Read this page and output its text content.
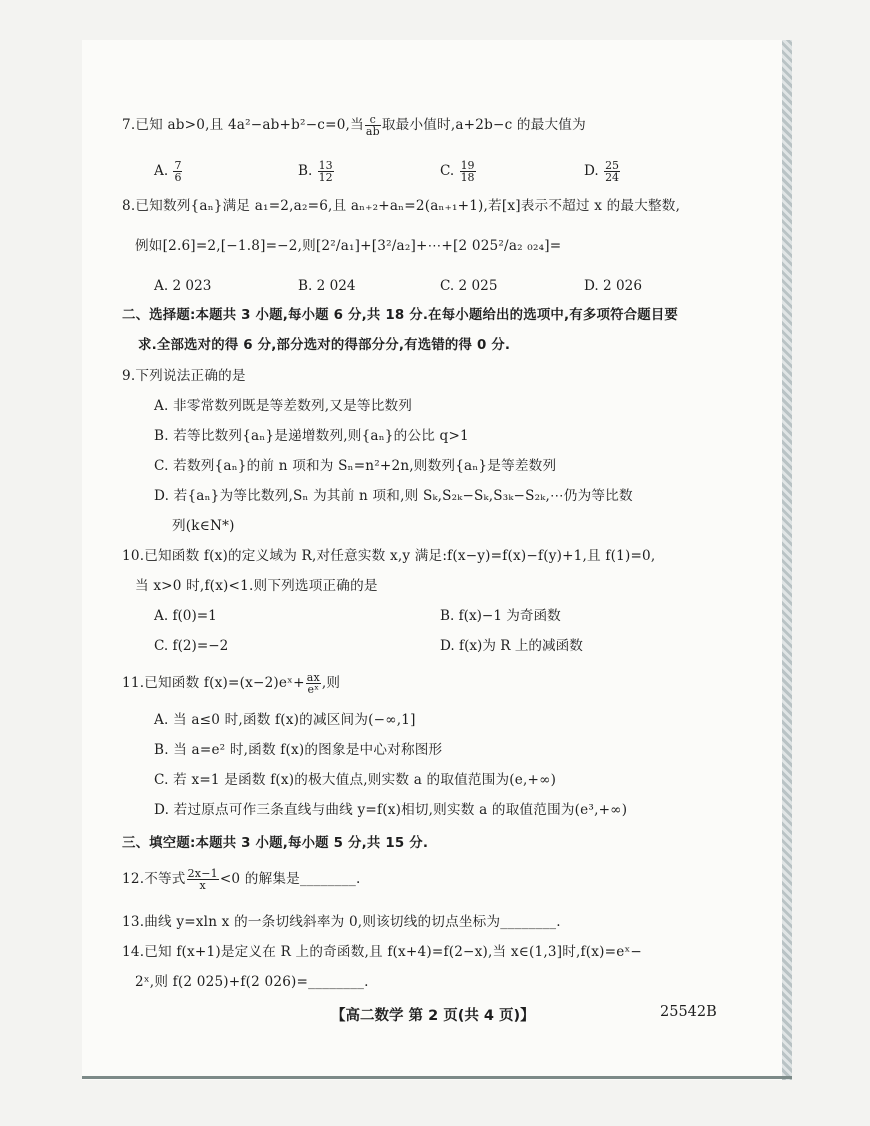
7.已知 ab>0,且 4a²−ab+b²−c=0,当 $\frac{c}{ab}$ 取最小值时,a+2b−c 的最大值为
A. $\frac{7}{6}$	B. $\frac{13}{12}$	C. $\frac{19}{18}$	D. $\frac{25}{24}$
8.已知数列{aₙ}满足 a₁=2,a₂=6,且 aₙ₊₂+aₙ=2(aₙ₊₁+1),若[x]表示不超过 x 的最大整数,
例如[2.6]=2,[−1.8]=−2,则[2²/a₁]+[3²/a₂]+⋯+[2 025²/a₂ ₀₂₄]=
A. 2 023	B. 2 024	C. 2 025	D. 2 026
二、选择题:本题共 3 小题,每小题 6 分,共 18 分.在每小题给出的选项中,有多项符合题目要
求.全部选对的得 6 分,部分选对的得部分分,有选错的得 0 分.
9.下列说法正确的是
A. 非零常数列既是等差数列,又是等比数列
B. 若等比数列{aₙ}是递增数列,则{aₙ}的公比 q>1
C. 若数列{aₙ}的前 n 项和为 Sₙ=n²+2n,则数列{aₙ}是等差数列
D. 若{aₙ}为等比数列,Sₙ 为其前 n 项和,则 Sₖ,S₂ₖ−Sₖ,S₃ₖ−S₂ₖ,⋯仍为等比数
列(k∈N*)
10.已知函数 f(x)的定义域为 R,对任意实数 x,y 满足:f(x−y)=f(x)−f(y)+1,且 f(1)=0,
当 x>0 时,f(x)<1.则下列选项正确的是
A. f(0)=1	B. f(x)−1 为奇函数
C. f(2)=−2	D. f(x)为 R 上的减函数
11.已知函数 f(x)=(x−2)eˣ+ $\frac{ax}{\text{eˣ}}$ ,则
A. 当 a≤0 时,函数 f(x)的减区间为(−∞,1]
B. 当 a=e² 时,函数 f(x)的图象是中心对称图形
C. 若 x=1 是函数 f(x)的极大值点,则实数 a 的取值范围为(e,+∞)
D. 若过原点可作三条直线与曲线 y=f(x)相切,则实数 a 的取值范围为(e³,+∞)
三、填空题:本题共 3 小题,每小题 5 分,共 15 分.
12.不等式 $\frac{2x-1}{x} <0$ 的解集是________.
13.曲线 y=xln x 的一条切线斜率为 0,则该切线的切点坐标为________.
14.已知 f(x+1)是定义在 R 上的奇函数,且 f(x+4)=f(2−x),当 x∈(1,3]时,f(x)=eˣ−
2ˣ,则 f(2 025)+f(2 026)=________.
【高二数学 第 2 页(共 4 页)】	25542B
